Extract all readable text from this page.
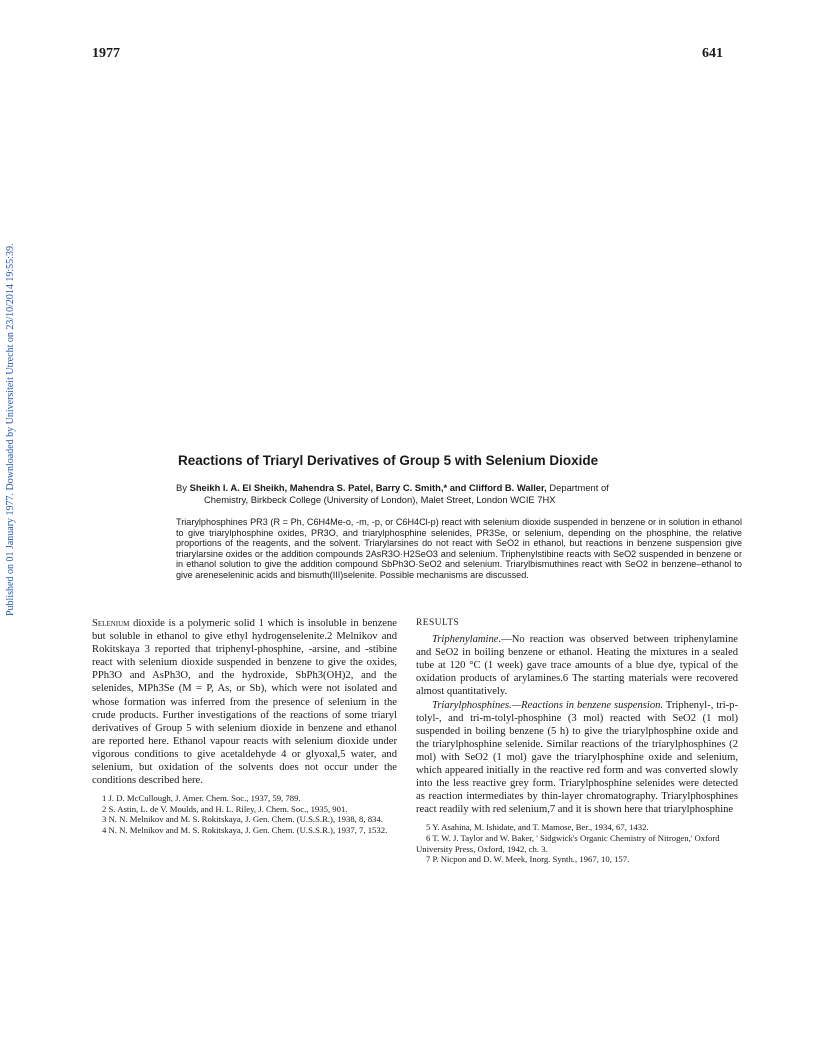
1977	641
Published on 01 January 1977. Downloaded by Universiteit Utrecht on 23/10/2014 19:55:39.	Reactions of Triaryl Derivatives of Group 5 with Selenium Dioxide
By Sheikh I. A. El Sheikh, Mahendra S. Patel, Barry C. Smith,* and Clifford B. Waller, Department of
Chemistry, Birkbeck College (University of London), Malet Street, London WCIE 7HX
Triarylphosphines PR3 (R = Ph, C6H4Me-o, -m, -p, or C6H4Cl-p) react with selenium dioxide suspended in benzene or in solution in ethanol to give triarylphosphine oxides, PR3O, and triarylphosphine selenides, PR3Se, or selenium, depending on the phosphine, the relative proportions of the reagents, and the solvent. Triarylarsines do not react with SeO2 in ethanol, but reactions in benzene suspension give triarylarsine oxides or the addition compounds 2AsR3O·H2SeO3 and selenium. Triphenylstibine reacts with SeO2 suspended in benzene or in ethanol solution to give the addition compound SbPh3O·SeO2 and selenium. Triarylbismuthines react with SeO2 in benzene–ethanol to give areneseleninic acids and bismuth(III)selenite. Possible mechanisms are discussed.

Selenium dioxide is a polymeric solid 1 which is insoluble in benzene but soluble in ethanol to give ethyl hydrogenselenite.2 Melnikov and Rokitskaya 3 reported that triphenyl-phosphine, -arsine, and -stibine react with selenium dioxide suspended in benzene to give the oxides, PPh3O and AsPh3O, and the hydroxide, SbPh3(OH)2, and the selenides, MPh3Se (M = P, As, or Sb), which were not isolated and whose formation was inferred from the presence of selenium in the crude products. Further investigations of the reactions of some triaryl derivatives of Group 5 with selenium dioxide in benzene and ethanol are reported here. Ethanol vapour reacts with selenium dioxide under vigorous conditions to give acetaldehyde 4 or glyoxal,5 water, and selenium, but oxidation of the solvents does not occur under the conditions described here.

1 J. D. McCullough, J. Amer. Chem. Soc., 1937, 59, 789.

2 S. Astin, L. de V. Moulds, and H. L. Riley, J. Chem. Soc., 1935, 901.

3 N. N. Melnikov and M. S. Rokitskaya, J. Gen. Chem. (U.S.S.R.), 1938, 8, 834.

4 N. N. Melnikov and M. S. Rokitskaya, J. Gen. Chem. (U.S.S.R.), 1937, 7, 1532.

RESULTS

Triphenylamine.—No reaction was observed between triphenylamine and SeO2 in boiling benzene or ethanol. Heating the mixtures in a sealed tube at 120 °C (1 week) gave trace amounts of a blue dye, typical of the oxidation products of arylamines.6 The starting materials were recovered almost quantitatively.

Triarylphosphines.—Reactions in benzene suspension. Triphenyl-, tri-p-tolyl-, and tri-m-tolyl-phosphine (3 mol) reacted with SeO2 (1 mol) suspended in boiling benzene (5 h) to give the triarylphosphine oxide and the triarylphosphine selenide. Similar reactions of the triarylphosphines (2 mol) with SeO2 (1 mol) gave the triarylphosphine oxide and selenium, which appeared initially in the reactive red form and was converted slowly into the less reactive grey form. Triarylphosphine selenides were detected as reaction intermediates by thin-layer chromatography. Triarylphosphines react readily with red selenium,7 and it is shown here that triarylphosphine

5 Y. Asahina, M. Ishidate, and T. Mamose, Ber., 1934, 67, 1432.

6 T. W. J. Taylor and W. Baker, ' Sidgwick's Organic Chemistry of Nitrogen,' Oxford University Press, Oxford, 1942, ch. 3.

7 P. Nicpon and D. W. Meek, Inorg. Synth., 1967, 10, 157.
